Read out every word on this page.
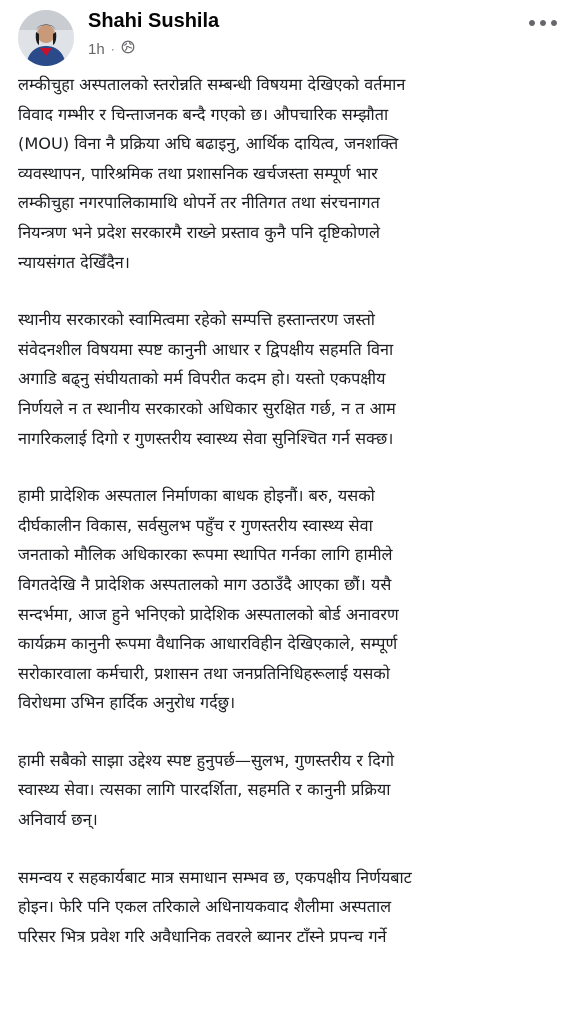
Shahi Sushila
1h ·

लम्कीचुहा अस्पतालको स्तरोन्नति सम्बन्धी विषयमा देखिएको वर्तमान
विवाद गम्भीर र चिन्ताजनक बन्दै गएको छ। औपचारिक सम्झौता
(MOU) विना नै प्रक्रिया अघि बढाइनु, आर्थिक दायित्व, जनशक्ति
व्यवस्थापन, पारिश्रमिक तथा प्रशासनिक खर्चजस्ता सम्पूर्ण भार
लम्कीचुहा नगरपालिकामाथि थोपर्ने तर नीतिगत तथा संरचनागत
नियन्त्रण भने प्रदेश सरकारमै राख्ने प्रस्ताव कुनै पनि दृष्टिकोणले
न्यायसंगत देखिँदैन।

स्थानीय सरकारको स्वामित्वमा रहेको सम्पत्ति हस्तान्तरण जस्तो
संवेदनशील विषयमा स्पष्ट कानुनी आधार र द्विपक्षीय सहमति विना
अगाडि बढ्नु संघीयताको मर्म विपरीत कदम हो। यस्तो एकपक्षीय
निर्णयले न त स्थानीय सरकारको अधिकार सुरक्षित गर्छ, न त आम
नागरिकलाई दिगो र गुणस्तरीय स्वास्थ्य सेवा सुनिश्चित गर्न सक्छ।

हामी प्रादेशिक अस्पताल निर्माणका बाधक होइनौं। बरु, यसको
दीर्घकालीन विकास, सर्वसुलभ पहुँच र गुणस्तरीय स्वास्थ्य सेवा
जनताको मौलिक अधिकारका रूपमा स्थापित गर्नका लागि हामीले
विगतदेखि नै प्रादेशिक अस्पतालको माग उठाउँदै आएका छौं। यसै
सन्दर्भमा, आज हुने भनिएको प्रादेशिक अस्पतालको बोर्ड अनावरण
कार्यक्रम कानुनी रूपमा वैधानिक आधारविहीन देखिएकाले, सम्पूर्ण
सरोकारवाला कर्मचारी, प्रशासन तथा जनप्रतिनिधिहरूलाई यसको
विरोधमा उभिन हार्दिक अनुरोध गर्दछु।

हामी सबैको साझा उद्देश्य स्पष्ट हुनुपर्छ—सुलभ, गुणस्तरीय र दिगो
स्वास्थ्य सेवा। त्यसका लागि पारदर्शिता, सहमति र कानुनी प्रक्रिया
अनिवार्य छन्।

समन्वय र सहकार्यबाट मात्र समाधान सम्भव छ, एकपक्षीय निर्णयबाट
होइन। फेरि पनि एकल तरिकाले अधिनायकवाद शैलीमा अस्पताल
परिसर भित्र प्रवेश गरि अवैधानिक तवरले ब्यानर टाँस्ने प्रपन्च गर्ने
